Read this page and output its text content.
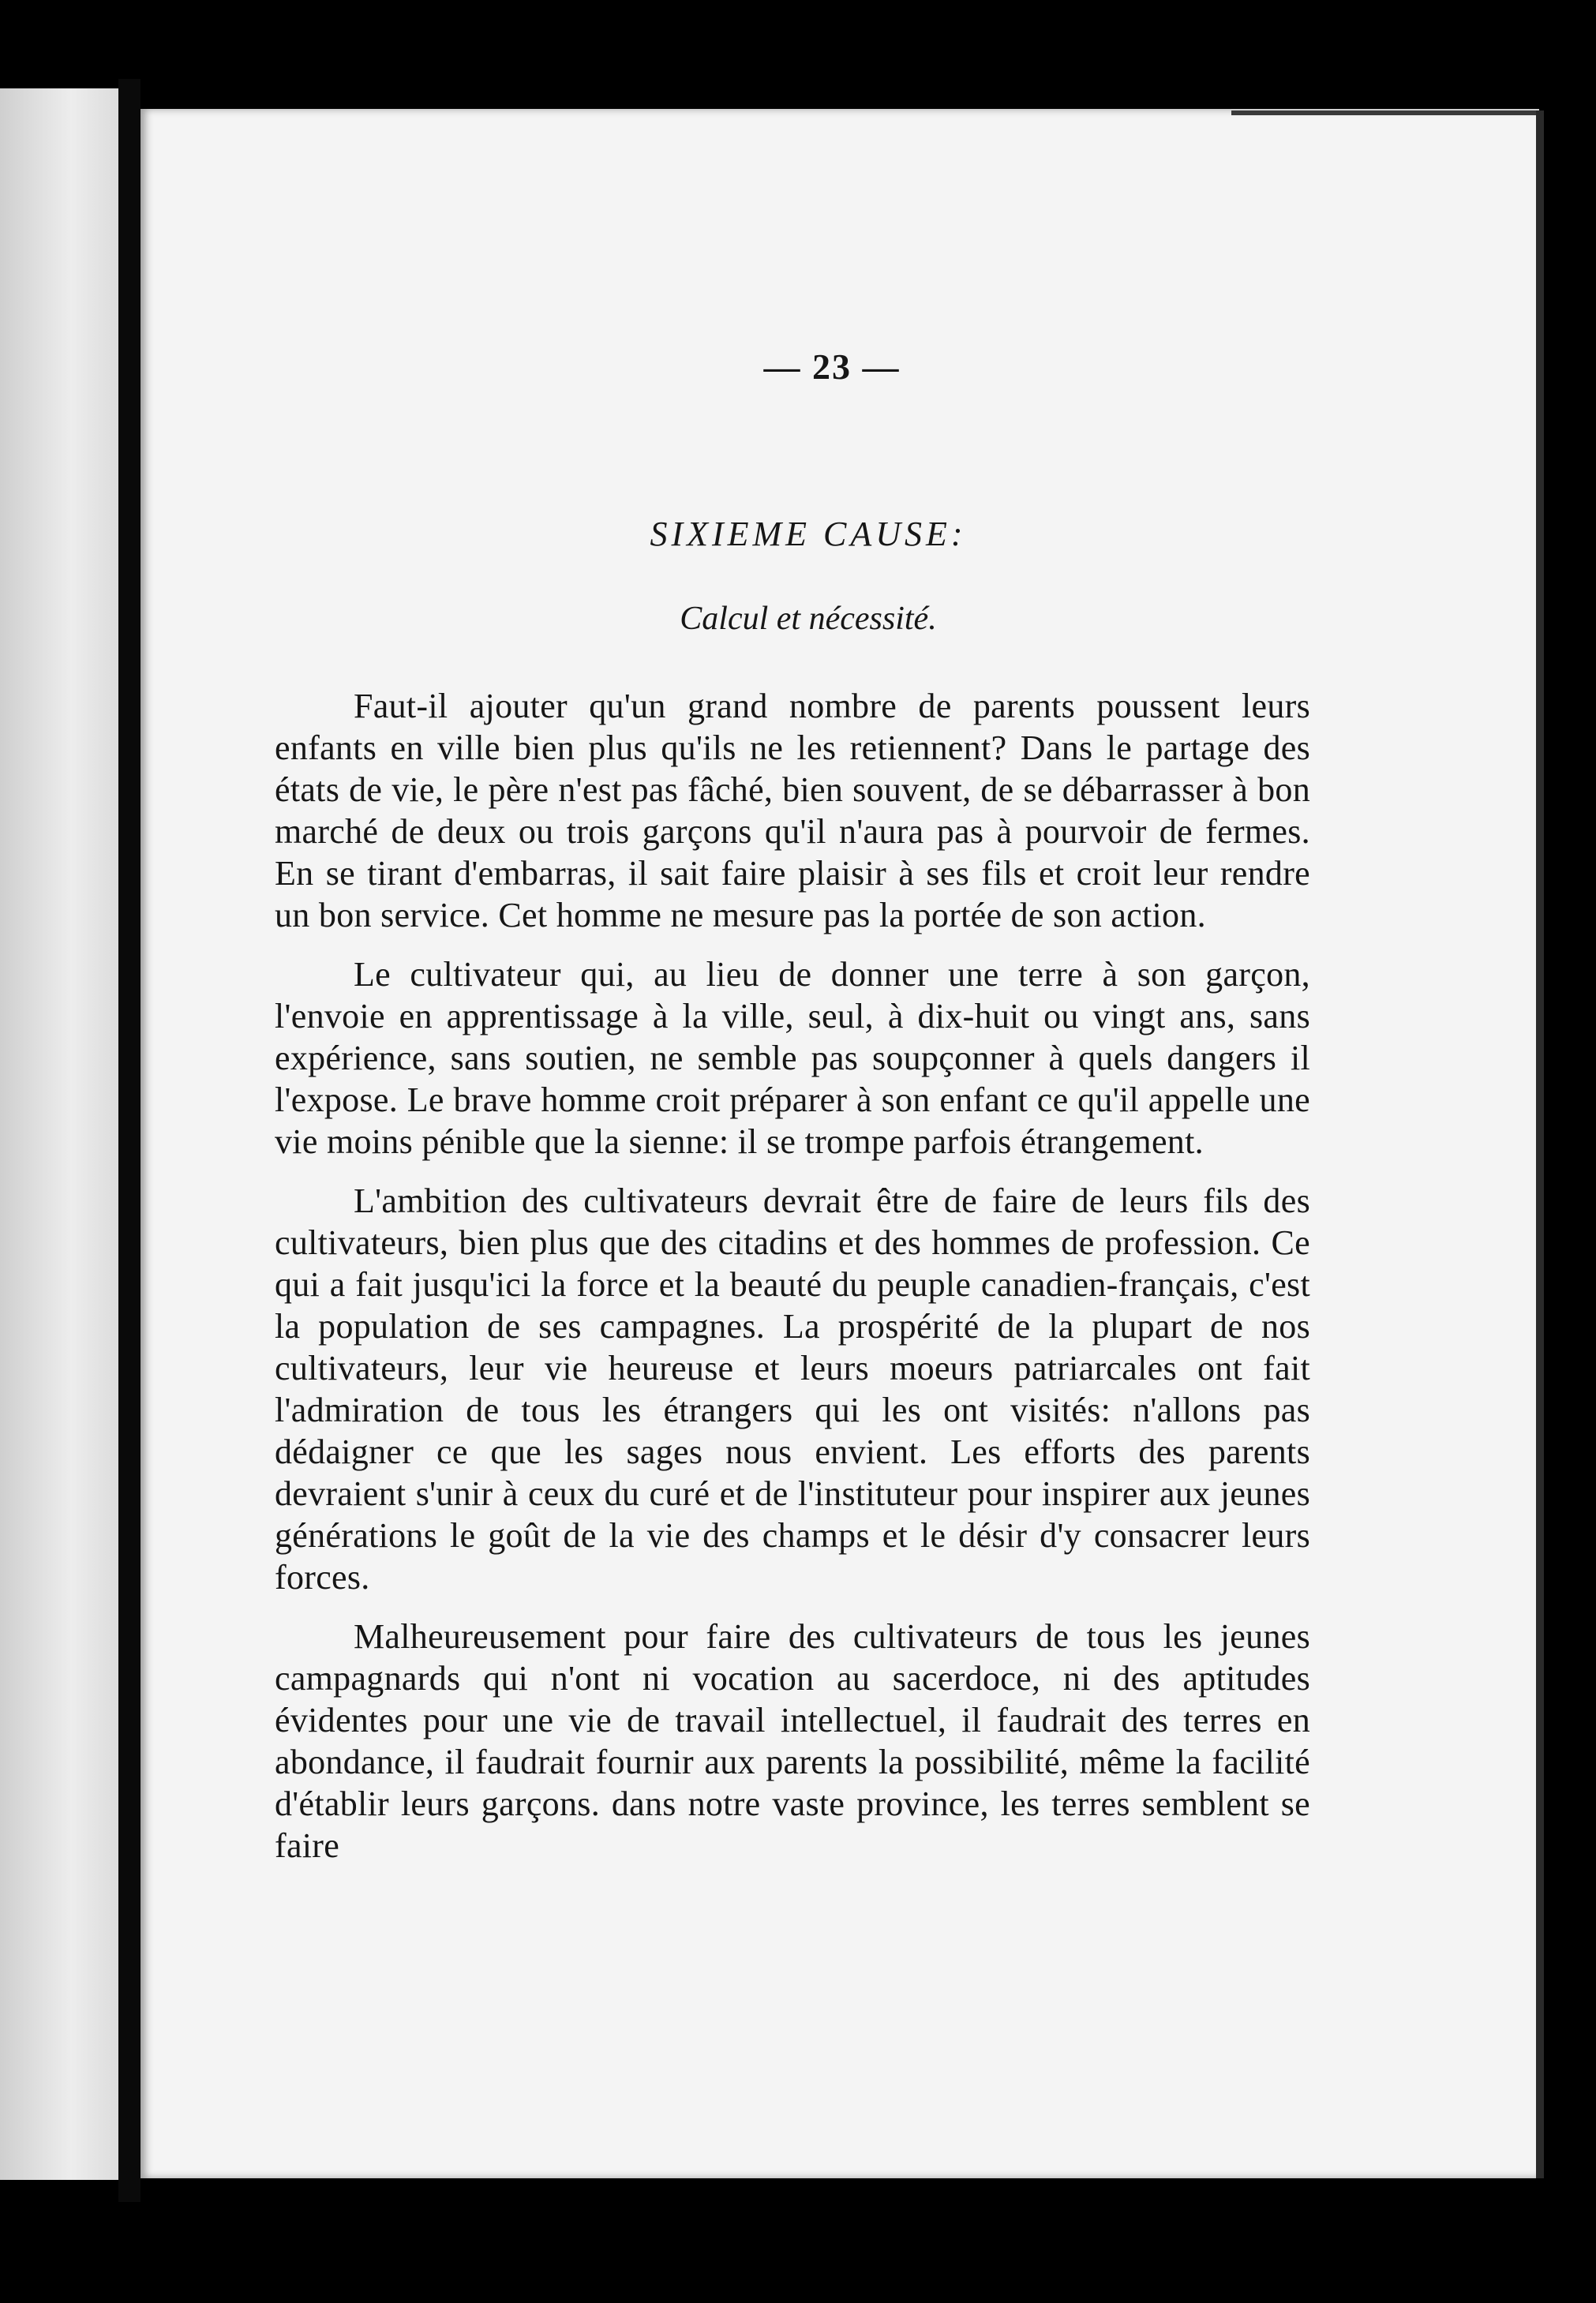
— 23 —
SIXIEME CAUSE:
Calcul et nécessité.

Faut-il ajouter qu'un grand nombre de parents poussent leurs enfants en ville bien plus qu'ils ne les retiennent? Dans le partage des états de vie, le père n'est pas fâché, bien souvent, de se débarrasser à bon marché de deux ou trois garçons qu'il n'aura pas à pourvoir de fermes. En se tirant d'embarras, il sait faire plaisir à ses fils et croit leur rendre un bon service. Cet homme ne mesure pas la portée de son action.

Le cultivateur qui, au lieu de donner une terre à son garçon, l'envoie en apprentissage à la ville, seul, à dix-huit ou vingt ans, sans expérience, sans soutien, ne semble pas soupçonner à quels dangers il l'expose. Le brave homme croit préparer à son enfant ce qu'il appelle une vie moins pénible que la sienne: il se trompe parfois étrangement.

L'ambition des cultivateurs devrait être de faire de leurs fils des cultivateurs, bien plus que des citadins et des hommes de profession. Ce qui a fait jusqu'ici la force et la beauté du peuple canadien-français, c'est la population de ses campagnes. La prospérité de la plupart de nos cultivateurs, leur vie heureuse et leurs moeurs patriarcales ont fait l'admiration de tous les étrangers qui les ont visités: n'allons pas dédaigner ce que les sages nous envient. Les efforts des parents devraient s'unir à ceux du curé et de l'instituteur pour inspirer aux jeunes générations le goût de la vie des champs et le désir d'y consacrer leurs forces.

Malheureusement pour faire des cultivateurs de tous les jeunes campagnards qui n'ont ni vocation au sacerdoce, ni des aptitudes évidentes pour une vie de travail intellectuel, il faudrait des terres en abondance, il faudrait fournir aux parents la possibilité, même la facilité d'établir leurs garçons. dans notre vaste province, les terres semblent se faire
